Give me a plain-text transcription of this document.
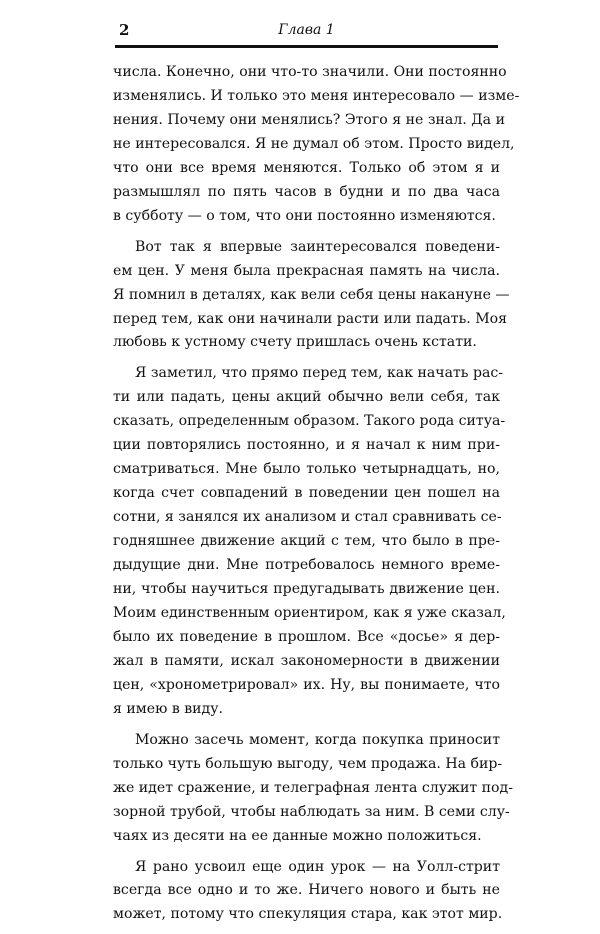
2	Глава 1
числа. Конечно, они что-то значили. Они постоянно
изменялись. И только это меня интересовало — изме-
нения. Почему они менялись? Этого я не знал. Да и
не интересовался. Я не думал об этом. Просто видел,
что они все время меняются. Только об этом я и
размышлял по пять часов в будни и по два часа
в субботу — о том, что они постоянно изменяются.
Вот так я впервые заинтересовался поведени-
ем цен. У меня была прекрасная память на числа.
Я помнил в деталях, как вели себя цены накануне —
перед тем, как они начинали расти или падать. Моя
любовь к устному счету пришлась очень кстати.
Я заметил, что прямо перед тем, как начать рас-
ти или падать, цены акций обычно вели себя, так
сказать, определенным образом. Такого рода ситуа-
ции повторялись постоянно, и я начал к ним при-
сматриваться. Мне было только четырнадцать, но,
когда счет совпадений в поведении цен пошел на
сотни, я занялся их анализом и стал сравнивать се-
годняшнее движение акций с тем, что было в пре-
дыдущие дни. Мне потребовалось немного време-
ни, чтобы научиться предугадывать движение цен.
Моим единственным ориентиром, как я уже сказал,
было их поведение в прошлом. Все «досье» я дер-
жал в памяти, искал закономерности в движении
цен, «хронометрировал» их. Ну, вы понимаете, что
я имею в виду.
Можно засечь момент, когда покупка приносит
только чуть большую выгоду, чем продажа. На бир-
же идет сражение, и телеграфная лента служит под-
зорной трубой, чтобы наблюдать за ним. В семи слу-
чаях из десяти на ее данные можно положиться.
Я рано усвоил еще один урок — на Уолл-стрит
всегда все одно и то же. Ничего нового и быть не
может, потому что спекуляция стара, как этот мир.
